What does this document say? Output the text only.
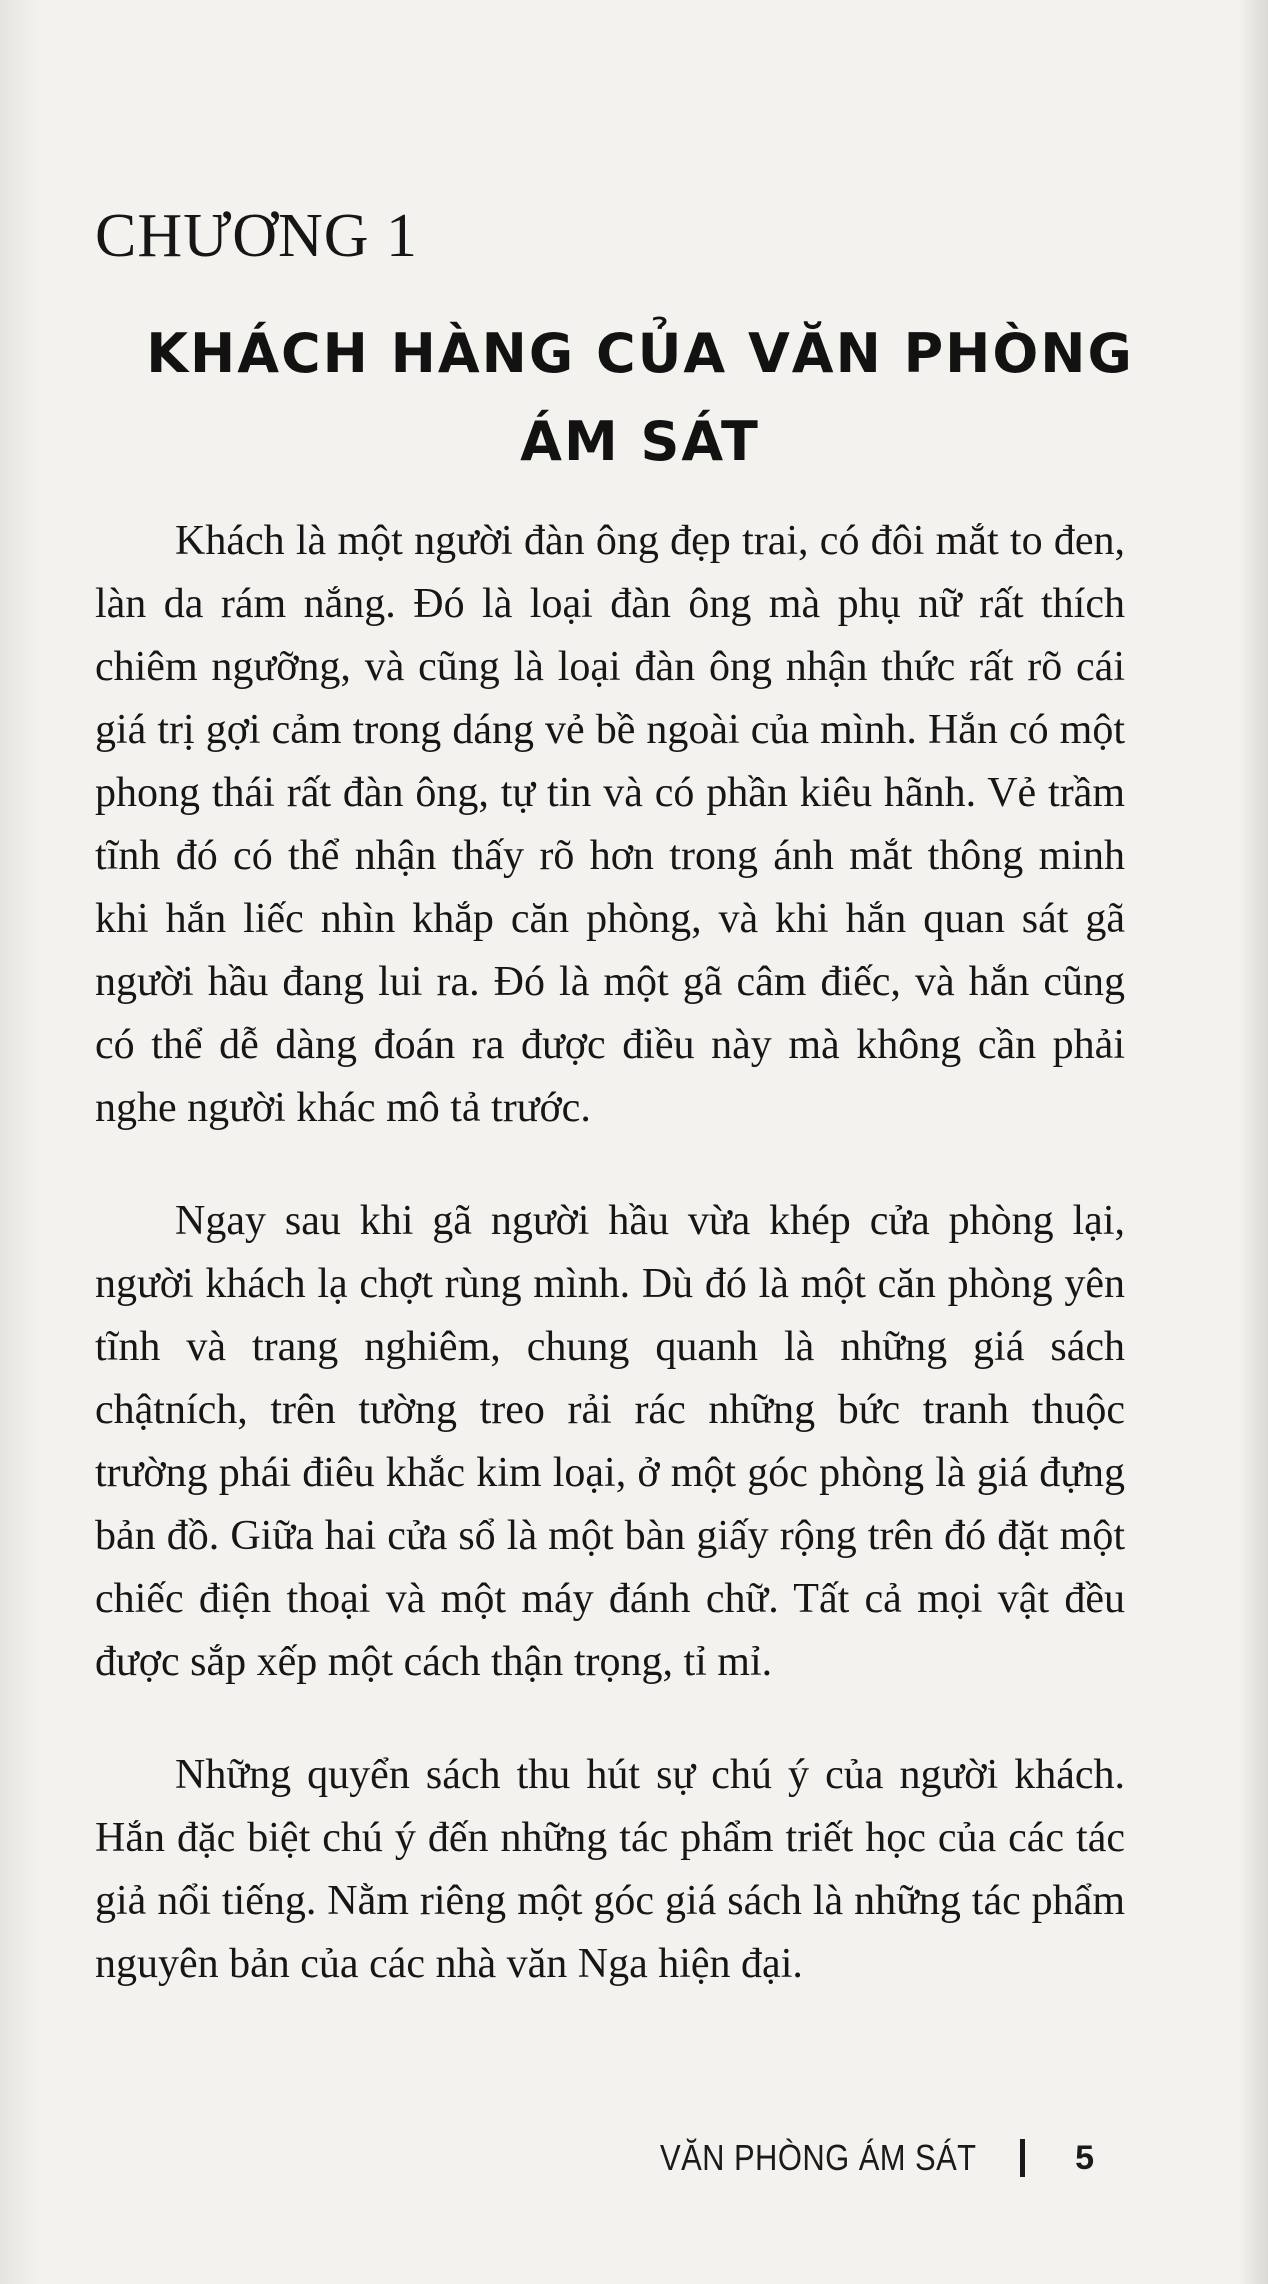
CHƯƠNG 1
KHÁCH HÀNG CỦA VĂN PHÒNG
ÁM SÁT

Khách là một người đàn ông đẹp trai, có đôi mắt to đen, làn da rám nắng. Đó là loại đàn ông mà phụ nữ rất thích chiêm ngưỡng, và cũng là loại đàn ông nhận thức rất rõ cái giá trị gợi cảm trong dáng vẻ bề ngoài của mình. Hắn có một phong thái rất đàn ông, tự tin và có phần kiêu hãnh. Vẻ trầm tĩnh đó có thể nhận thấy rõ hơn trong ánh mắt thông minh khi hắn liếc nhìn khắp căn phòng, và khi hắn quan sát gã người hầu đang lui ra. Đó là một gã câm điếc, và hắn cũng có thể dễ dàng đoán ra được điều này mà không cần phải nghe người khác mô tả trước.

Ngay sau khi gã người hầu vừa khép cửa phòng lại, người khách lạ chợt rùng mình. Dù đó là một căn phòng yên tĩnh và trang nghiêm, chung quanh là những giá sách chậtních, trên tường treo rải rác những bức tranh thuộc trường phái điêu khắc kim loại, ở một góc phòng là giá đựng bản đồ. Giữa hai cửa sổ là một bàn giấy rộng trên đó đặt một chiếc điện thoại và một máy đánh chữ. Tất cả mọi vật đều được sắp xếp một cách thận trọng, tỉ mỉ.

Những quyển sách thu hút sự chú ý của người khách. Hắn đặc biệt chú ý đến những tác phẩm triết học của các tác giả nổi tiếng. Nằm riêng một góc giá sách là những tác phẩm nguyên bản của các nhà văn Nga hiện đại.

VĂN PHÒNG ÁM SÁT	5
